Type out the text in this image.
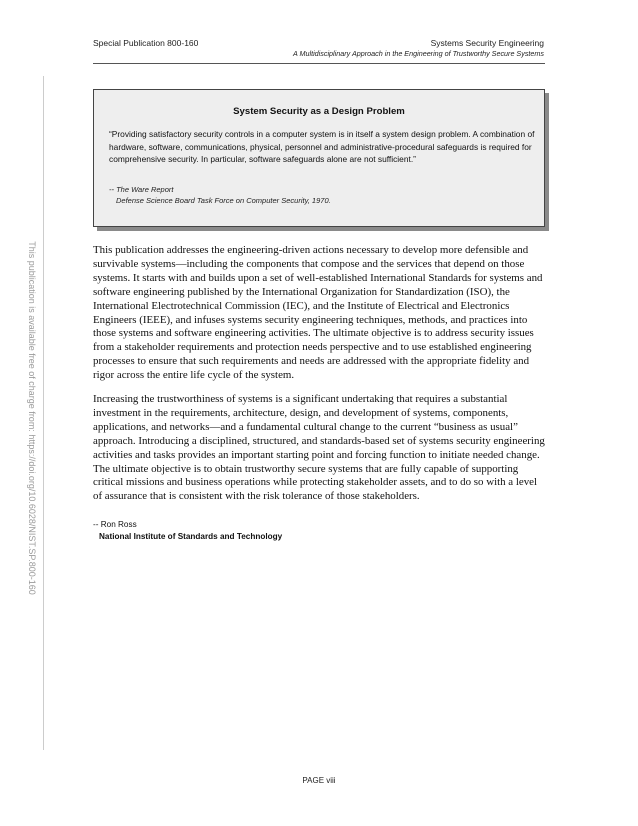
Special Publication 800-160	Systems Security Engineering
A Multidisciplinary Approach in the Engineering of Trustworthy Secure Systems
This publication is available free of charge from: https://doi.org/10.6028/NIST.SP.800-160
System Security as a Design Problem
“Providing satisfactory security controls in a computer system is in itself a system design problem. A combination of hardware, software, communications, physical, personnel and administrative-procedural safeguards is required for comprehensive security. In particular, software safeguards alone are not sufficient.”
-- The Ware Report
Defense Science Board Task Force on Computer Security, 1970.

This publication addresses the engineering-driven actions necessary to develop more defensible and survivable systems—including the components that compose and the services that depend on those systems. It starts with and builds upon a set of well-established International Standards for systems and software engineering published by the International Organization for Standardization (ISO), the International Electrotechnical Commission (IEC), and the Institute of Electrical and Electronics Engineers (IEEE), and infuses systems security engineering techniques, methods, and practices into those systems and software engineering activities. The ultimate objective is to address security issues from a stakeholder requirements and protection needs perspective and to use established engineering processes to ensure that such requirements and needs are addressed with the appropriate fidelity and rigor across the entire life cycle of the system.

Increasing the trustworthiness of systems is a significant undertaking that requires a substantial investment in the requirements, architecture, design, and development of systems, components, applications, and networks—and a fundamental cultural change to the current “business as usual” approach. Introducing a disciplined, structured, and standards-based set of systems security engineering activities and tasks provides an important starting point and forcing function to initiate needed change. The ultimate objective is to obtain trustworthy secure systems that are fully capable of supporting critical missions and business operations while protecting stakeholder assets, and to do so with a level of assurance that is consistent with the risk tolerance of those stakeholders.

-- Ron Ross
National Institute of Standards and Technology
PAGE viii
